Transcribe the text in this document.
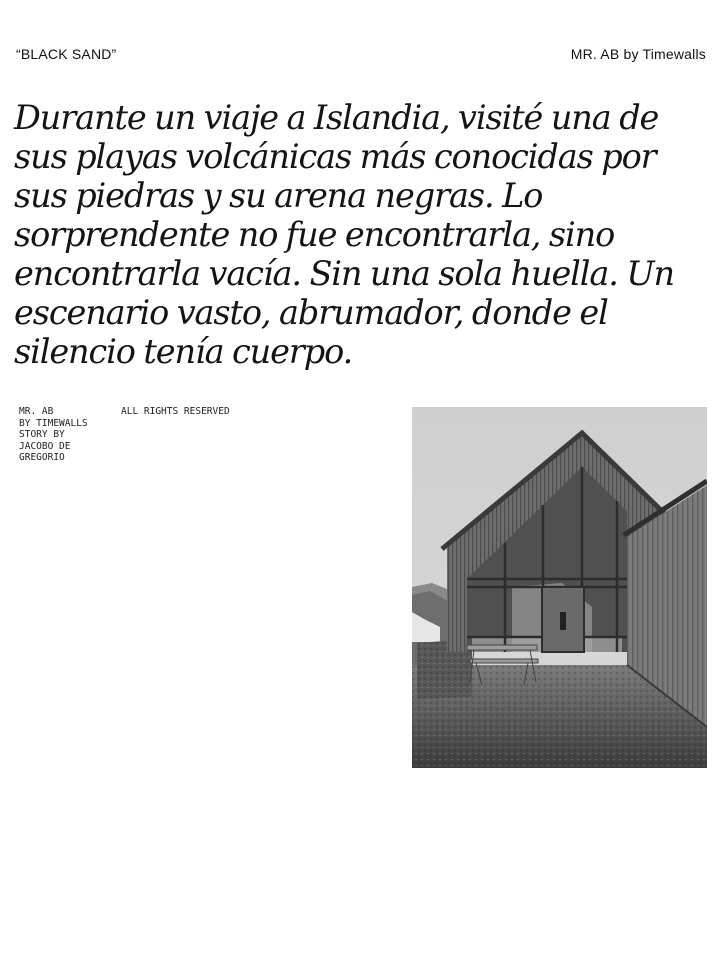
“BLACK SAND”	MR. AB by Timewalls

Durante un viaje a Islandia, visité una de sus playas volcánicas más conocidas por sus piedras y su arena negras. Lo sorprendente no fue encontrarla, sino encontrarla vacía. Sin una sola huella. Un escenario vasto, abrumador, donde el silencio tenía cuerpo.

MR. AB
BY TIMEWALLS
STORY BY
JACOBO DE
GREGORIO
ALL RIGHTS RESERVED
